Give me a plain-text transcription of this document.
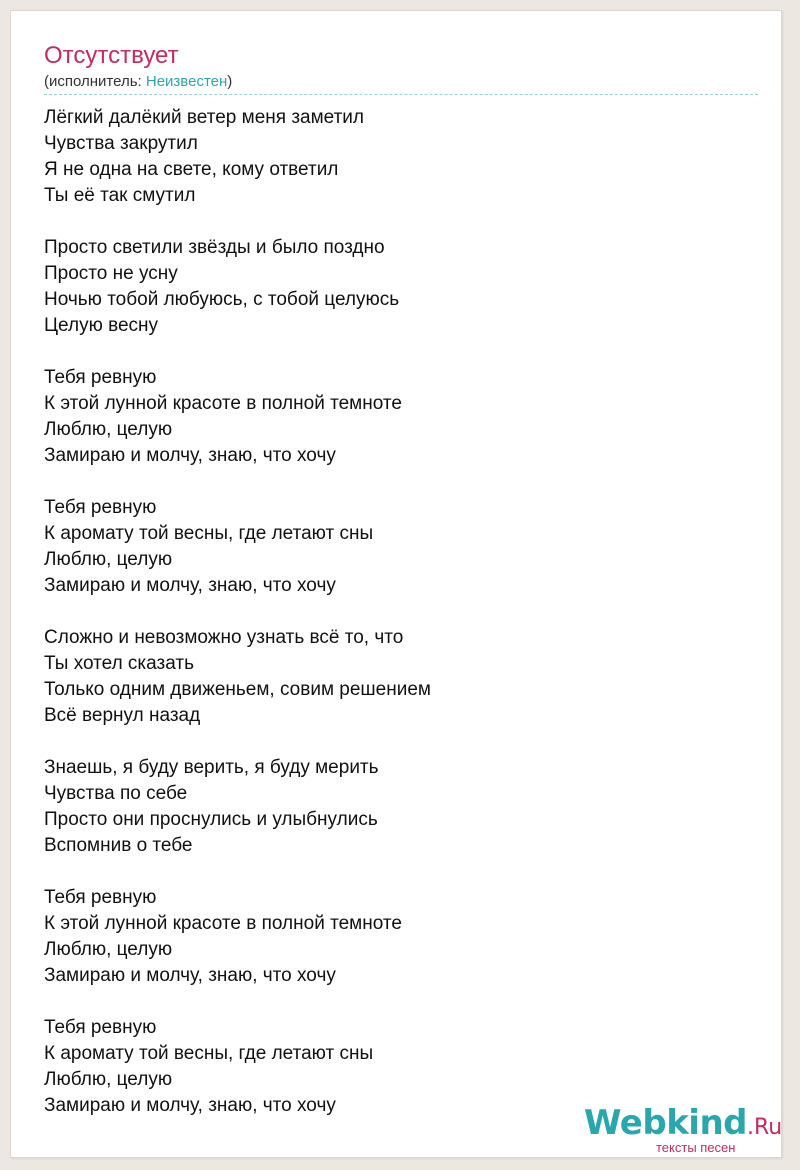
Отсутствует
(исполнитель: Неизвестен)
Лёгкий далёкий ветер меня заметил
Чувства закрутил
Я не одна на свете, кому ответил
Ты её так смутил
Просто светили звёзды и было поздно
Просто не усну
Ночью тобой любуюсь, с тобой целуюсь
Целую весну
Тебя ревную
К этой лунной красоте в полной темноте
Люблю, целую
Замираю и молчу, знаю, что хочу
Тебя ревную
К аромату той весны, где летают сны
Люблю, целую
Замираю и молчу, знаю, что хочу
Сложно и невозможно узнать всё то, что
Ты хотел сказать
Только одним движеньем, совим решением
Всё вернул назад
Знаешь, я буду верить, я буду мерить
Чувства по себе
Просто они проснулись и улыбнулись
Вспомнив о тебе
Тебя ревную
К этой лунной красоте в полной темноте
Люблю, целую
Замираю и молчу, знаю, что хочу
Тебя ревную
К аромату той весны, где летают сны
Люблю, целую
Замираю и молчу, знаю, что хочу	Webkind.Ru
тексты песен
